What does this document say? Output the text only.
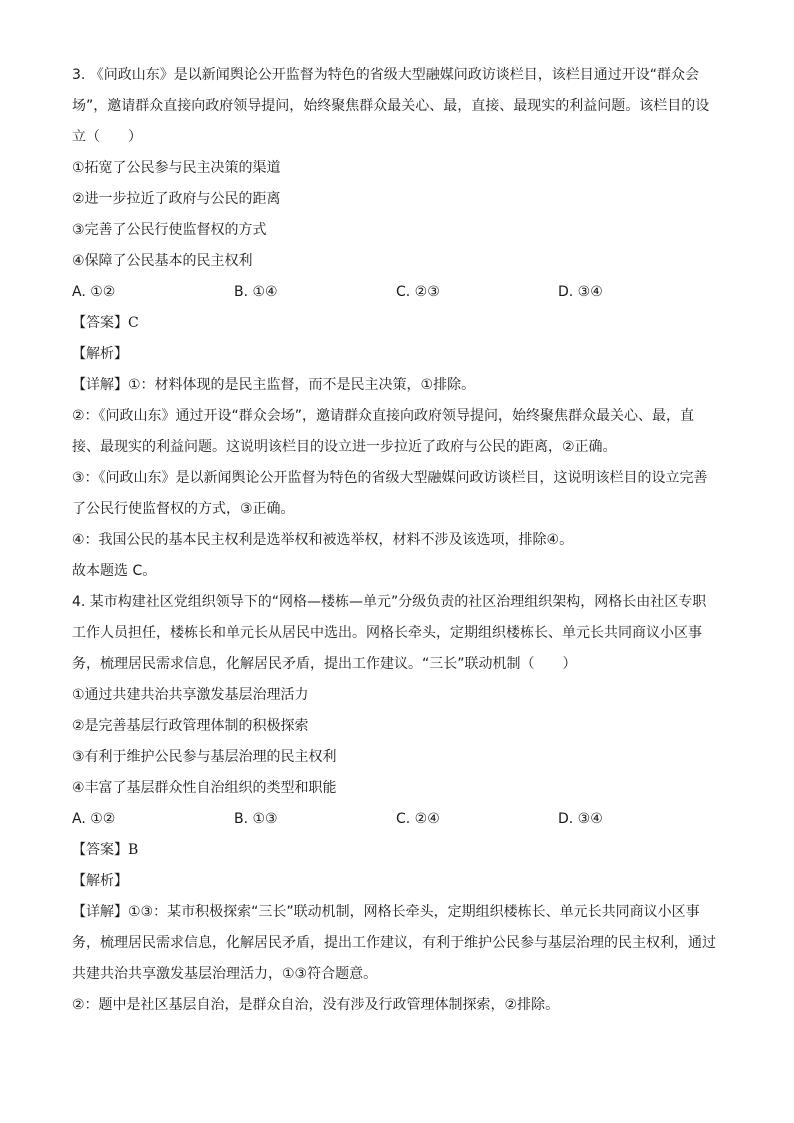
3. 《问政山东》是以新闻舆论公开监督为特色的省级大型融媒问政访谈栏目，该栏目通过开设“群众会
场”，邀请群众直接向政府领导提问，始终聚焦群众最关心、最，直接、最现实的利益问题。该栏目的设
立（　　）
①拓宽了公民参与民主决策的渠道
②进一步拉近了政府与公民的距离
③完善了公民行使监督权的方式
④保障了公民基本的民主权利
A. ①②	B. ①④	C. ②③	D. ③④
【答案】C
【解析】
【详解】①：材料体现的是民主监督，而不是民主决策，①排除。
②：《问政山东》通过开设“群众会场”，邀请群众直接向政府领导提问，始终聚焦群众最关心、最，直
接、最现实的利益问题。这说明该栏目的设立进一步拉近了政府与公民的距离，②正确。
③：《问政山东》是以新闻舆论公开监督为特色的省级大型融媒问政访谈栏目，这说明该栏目的设立完善
了公民行使监督权的方式，③正确。
④：我国公民的基本民主权利是选举权和被选举权，材料不涉及该选项，排除④。
故本题选 C。
4. 某市构建社区党组织领导下的“网格—楼栋—单元”分级负责的社区治理组织架构，网格长由社区专职
工作人员担任，楼栋长和单元长从居民中选出。网格长牵头，定期组织楼栋长、单元长共同商议小区事
务，梳理居民需求信息，化解居民矛盾，提出工作建议。“三长”联动机制（　　）
①通过共建共治共享激发基层治理活力
②是完善基层行政管理体制的积极探索
③有利于维护公民参与基层治理的民主权利
④丰富了基层群众性自治组织的类型和职能
A. ①②	B. ①③	C. ②④	D. ③④
【答案】B
【解析】
【详解】①③：某市积极探索“三长”联动机制，网格长牵头，定期组织楼栋长、单元长共同商议小区事
务，梳理居民需求信息，化解居民矛盾，提出工作建议，有利于维护公民参与基层治理的民主权利，通过
共建共治共享激发基层治理活力，①③符合题意。
②：题中是社区基层自治，是群众自治，没有涉及行政管理体制探索，②排除。
